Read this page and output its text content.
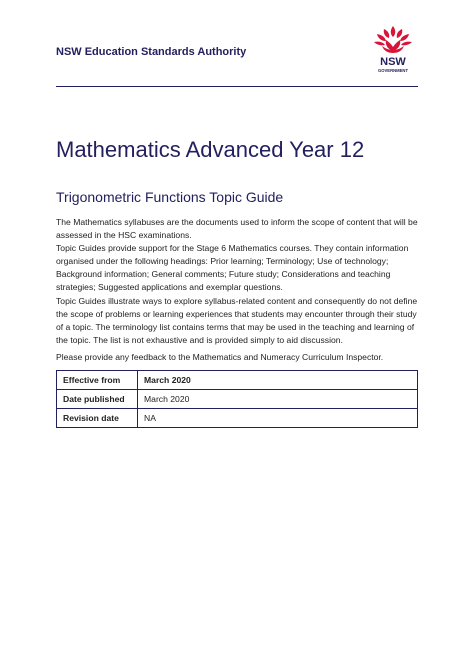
NSW Education Standards Authority
NSW
GOVERNMENT
Mathematics Advanced Year 12
Trigonometric Functions Topic Guide

The Mathematics syllabuses are the documents used to inform the scope of content that will be assessed in the HSC examinations.

Topic Guides provide support for the Stage 6 Mathematics courses. They contain information organised under the following headings: Prior learning; Terminology; Use of technology; Background information; General comments; Future study; Considerations and teaching strategies; Suggested applications and exemplar questions.

Topic Guides illustrate ways to explore syllabus-related content and consequently do not define the scope of problems or learning experiences that students may encounter through their study of a topic. The terminology list contains terms that may be used in the teaching and learning of the topic. The list is not exhaustive and is provided simply to aid discussion.

Please provide any feedback to the Mathematics and Numeracy Curriculum Inspector.

Effective from	March 2020
Date published	March 2020
Revision date	NA
